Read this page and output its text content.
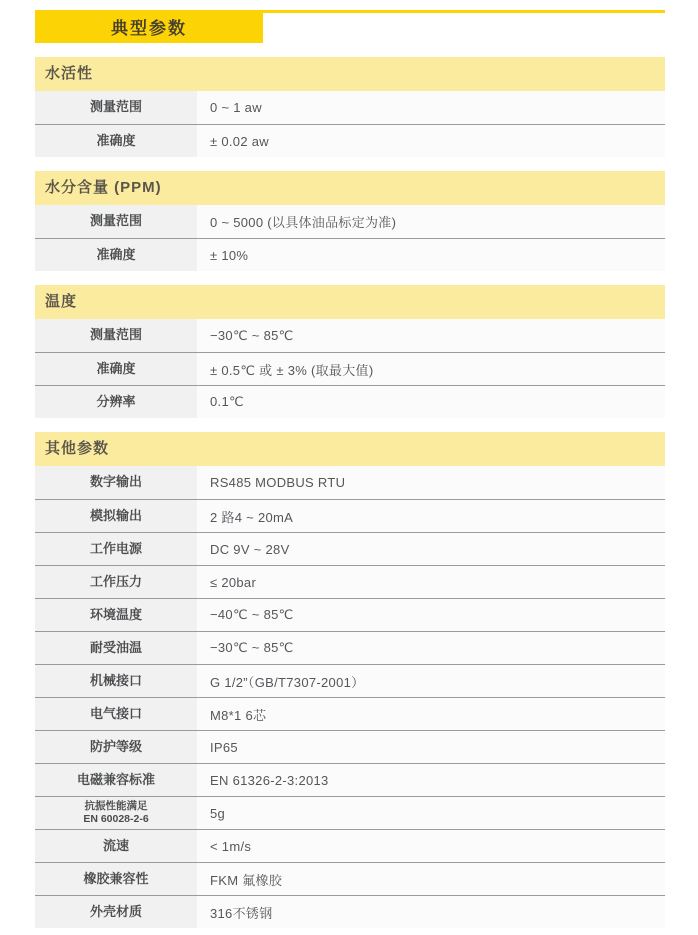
典型参数
水活性
测量范围	0 ~ 1 aw
准确度	± 0.02 aw
水分含量 (PPM)
测量范围	0 ~ 5000 (以具体油品标定为准)
准确度	± 10%
温度
测量范围	−30℃ ~ 85℃
准确度	± 0.5℃ 或 ± 3% (取最大值)
分辨率	0.1℃
其他参数
数字输出	RS485 MODBUS RTU
模拟输出	2 路4 ~ 20mA
工作电源	DC 9V ~ 28V
工作压力	≤ 20bar
环境温度	−40℃ ~ 85℃
耐受油温	−30℃ ~ 85℃
机械接口	G 1/2”（GB/T7307-2001）
电气接口	M8*1 6芯
防护等级	IP65
电磁兼容标准	EN 61326-2-3:2013
抗振性能满足
EN 60028-2-6	5g
流速	< 1m/s
橡胶兼容性	FKM 氟橡胶
外壳材质	316不锈钢
